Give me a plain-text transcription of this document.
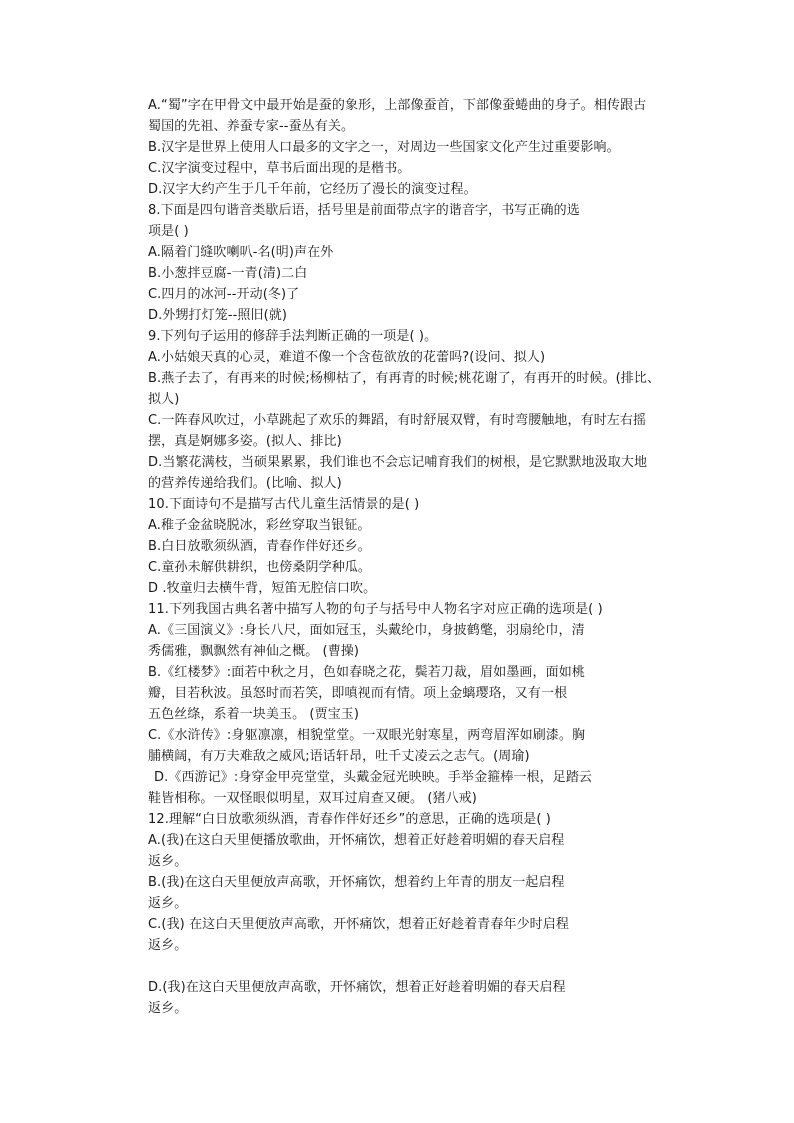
A.“蜀”字在甲骨文中最开始是蚕的象形，上部像蚕首，下部像蚕蜷曲的身子。相传跟古
蜀国的先祖、养蚕专家--蚕丛有关。
B.汉字是世界上使用人口最多的文字之一，对周边一些国家文化产生过重要影响。
C.汉字演变过程中，草书后面出现的是楷书。
D.汉字大约产生于几千年前，它经历了漫长的演变过程。
8.下面是四句谐音类歇后语，括号里是前面带点字的谐音字，书写正确的选
项是( )
A.隔着门缝吹喇叭-名(明)声在外
B.小葱拌豆腐-一青(清)二白
C.四月的冰河--开动(冬)了
D.外甥打灯笼--照旧(就)
9.下列句子运用的修辞手法判断正确的一项是( )。
A.小姑娘天真的心灵，难道不像一个含苞欲放的花蕾吗?(设问、拟人)
B.燕子去了，有再来的时候;杨柳枯了，有再青的时候;桃花谢了，有再开的时候。(排比、
拟人)
C.一阵春风吹过，小草跳起了欢乐的舞蹈，有时舒展双臂，有时弯腰触地，有时左右摇
摆，真是婀娜多姿。(拟人、排比)
D.当繁花满枝，当硕果累累，我们谁也不会忘记哺育我们的树根，是它默默地汲取大地
的营养传递给我们。(比喻、拟人)
10.下面诗句不是描写古代儿童生活情景的是( )
A.稚子金盆晓脱冰，彩丝穿取当银钲。
B.白日放歌须纵酒，青春作伴好还乡。
C.童孙未解供耕织，也傍桑阴学种瓜。
D .牧童归去横牛背，短笛无腔信口吹。
11.下列我国古典名著中描写人物的句子与括号中人物名字对应正确的选项是( )
A.《三国演义》:身长八尺，面如冠玉，头戴纶巾，身披鹤氅，羽扇纶巾，清
秀儒雅，飘飘然有神仙之概。 (曹操)
B.《红楼梦》:面若中秋之月，色如春晓之花，鬓若刀裁，眉如墨画，面如桃
瓣，目若秋波。虽怒时而若笑，即嗔视而有情。项上金螭璎珞，又有一根
五色丝绦，系着一块美玉。 (贾宝玉)
C.《水浒传》:身躯凛凛，相貌堂堂。一双眼光射寒星，两弯眉浑如刷漆。胸
脯横阔，有万夫难敌之威风;语话轩昂，吐千丈凌云之志气。(周瑜)
D.《西游记》:身穿金甲亮堂堂，头戴金冠光映映。手举金箍棒一根，足踏云
鞋皆相称。一双怪眼似明星，双耳过肩查又硬。 (猪八戒)
12.理解“白日放歌须纵酒，青春作伴好还乡”的意思，正确的选项是( )
A.(我)在这白天里便播放歌曲，开怀痛饮，想着正好趁着明媚的春天启程
返乡。
B.(我)在这白天里便放声高歌，开怀痛饮，想着约上年青的朋友一起启程
返乡。
C.(我) 在这白天里便放声高歌，开怀痛饮，想着正好趁着青春年少时启程
返乡。
D.(我)在这白天里便放声高歌，开怀痛饮，想着正好趁着明媚的春天启程
返乡。
